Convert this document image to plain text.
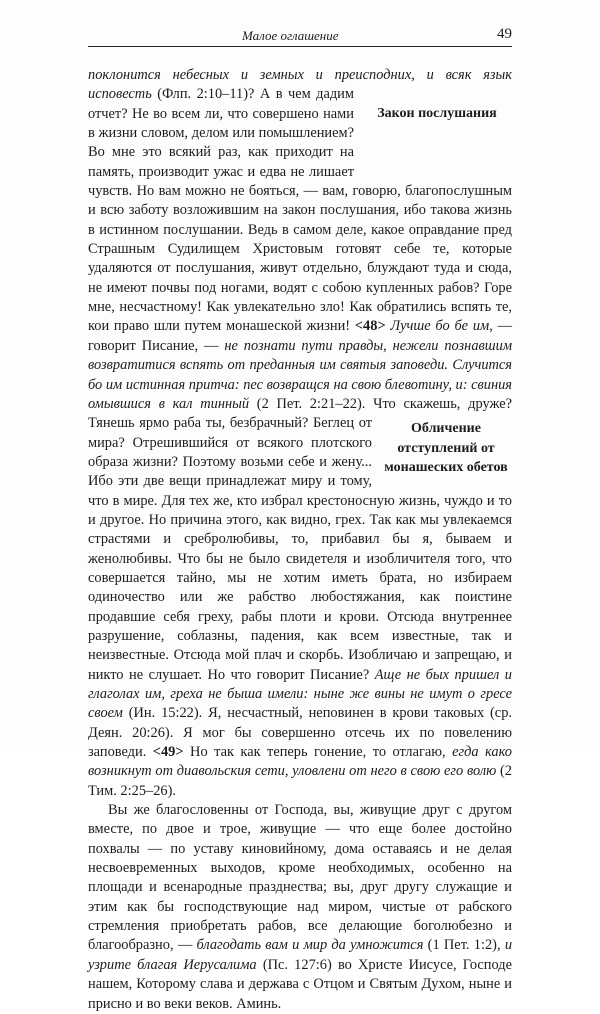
Малое оглашение	49

поклонится небесных и земных и преисподних, и всяк язык исповесть
Закон послушания
(Флп. 2:10–11)? А в чем дадим отчет? Не во всем ли, что совершено нами в жизни словом, делом или помышлением? Во мне это всякий раз, как приходит на память, производит ужас и едва не лишает чувств. Но вам можно не бояться, — вам, говорю, благопослушным и всю заботу возложившим на закон послушания, ибо такова жизнь в истинном послушании. Ведь в самом деле, какое оправдание пред Страшным Судилищем Христовым готовят себе те, которые удаляются от послушания, живут отдельно, блуждают туда и сюда, не имеют почвы под ногами, водят с собою купленных рабов? Горе мне, несчастному! Как увлекательно зло! Как обратились вспять те, кои право шли путем монашеской жизни! <48> Лучше бо бе им, — говорит Писание, — не познати пути правды, нежели познавшим возвратитися вспять от преданныя им святыя заповеди. Случится бо им истинная притча: пес возвращся на свою блевотину, и: свиния омывшися в кал тинный (2 Пет. 2:21–22). Что скажешь, друже?
Обличение отступлений от монашеских обетов
Тянешь ярмо раба ты, безбрачный? Беглец от мира? Отрешившийся от всякого плотского образа жизни? Поэтому возьми себе и жену... Ибо эти две вещи принадлежат миру и тому, что в мире. Для тех же, кто избрал крестоносную жизнь, чуждо и то и другое. Но причина этого, как видно, грех. Так как мы увлекаемся страстями и сребролюбивы, то, прибавил бы я, бываем и женолюбивы. Что бы не было свидетеля и изобличителя того, что совершается тайно, мы не хотим иметь брата, но избираем одиночество или же рабство любостяжания, как поистине продавшие себя греху, рабы плоти и крови. Отсюда внутреннее разрушение, соблазны, падения, как всем известные, так и неизвестные. Отсюда мой плач и скорбь. Изобличаю и запрещаю, и никто не слушает. Но что говорит Писание? Аще не бых пришел и глаголах им, греха не быша имели: ныне же вины не имут о гресе своем (Ин. 15:22). Я, несчастный, неповинен в крови таковых (ср. Деян. 20:26). Я мог бы совершенно отсечь их по повелению заповеди. <49> Но так как теперь гонение, то отлагаю, егда како возникнут от диавольския сети, уловлени от него в свою его волю (2 Тим. 2:25–26).

Вы же благословенны от Господа, вы, живущие друг с другом вместе, по двое и трое, живущие — что еще более достойно похвалы — по уставу киновийному, дома оставаясь и не делая несвоевременных выходов, кроме необходимых, особенно на площади и всенародные празднества; вы, друг другу служащие и этим как бы господствующие над миром, чистые от рабского стремления приобретать рабов, все делающие боголюбезно и благообразно, — благодать вам и мир да умножится (1 Пет. 1:2), и узрите благая Иерусалима (Пс. 127:6) во Христе Иисусе, Господе нашем, Которому слава и держава с Отцом и Святым Духом, ныне и присно и во веки веков. Аминь.
